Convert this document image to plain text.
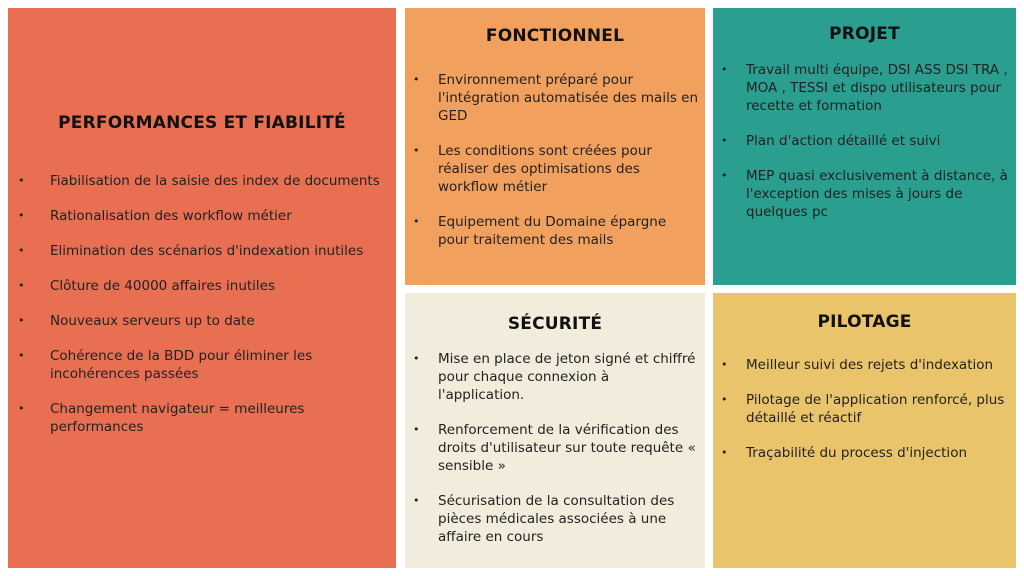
PERFORMANCES ET FIABILITÉ
• Fiabilisation de la saisie des index de documents
• Rationalisation des workflow métier
• Elimination des scénarios d'indexation inutiles
• Clôture de 40000 affaires inutiles
• Nouveaux serveurs up to date
• Cohérence de la BDD pour éliminer les incohérences passées
• Changement navigateur = meilleures performances
FONCTIONNEL
• Environnement préparé pour l'intégration automatisée des mails en GED
• Les conditions sont créées pour réaliser des optimisations des workflow métier
• Equipement du Domaine épargne pour traitement des mails
PROJET
• Travail multi équipe, DSI ASS DSI TRA , MOA , TESSI et dispo utilisateurs pour recette et formation
• Plan d'action détaillé et suivi
• MEP quasi exclusivement à distance, à l'exception des mises à jours de quelques pc
SÉCURITÉ
• Mise en place de jeton signé et chiffré pour chaque connexion à l'application.
• Renforcement de la vérification des droits d'utilisateur sur toute requête « sensible »
• Sécurisation de la consultation des pièces médicales associées à une affaire en cours
PILOTAGE
• Meilleur suivi des rejets d'indexation
• Pilotage de l'application renforcé, plus détaillé et réactif
• Traçabilité du process d'injection
